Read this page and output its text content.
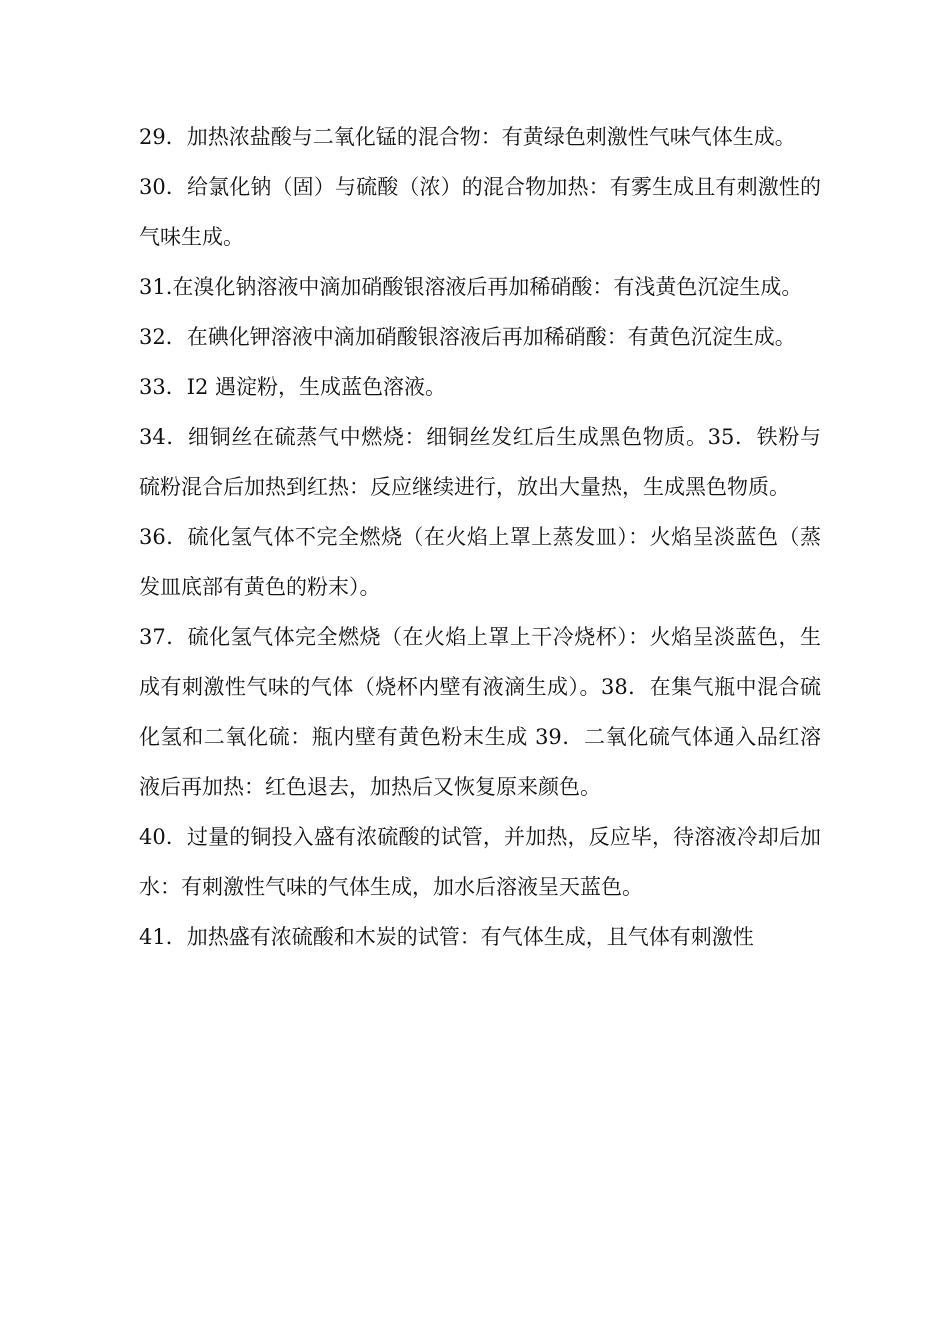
29．加热浓盐酸与二氧化锰的混合物：有黄绿色刺激性气味气体生成。

30．给氯化钠（固）与硫酸（浓）的混合物加热：有雾生成且有刺激性的气味生成。

31.在溴化钠溶液中滴加硝酸银溶液后再加稀硝酸：有浅黄色沉淀生成。

32．在碘化钾溶液中滴加硝酸银溶液后再加稀硝酸：有黄色沉淀生成。

33．I2 遇淀粉，生成蓝色溶液。

34．细铜丝在硫蒸气中燃烧：细铜丝发红后生成黑色物质。35．铁粉与硫粉混合后加热到红热：反应继续进行，放出大量热，生成黑色物质。

36．硫化氢气体不完全燃烧（在火焰上罩上蒸发皿）：火焰呈淡蓝色（蒸发皿底部有黄色的粉末）。

37．硫化氢气体完全燃烧（在火焰上罩上干冷烧杯）：火焰呈淡蓝色，生成有刺激性气味的气体（烧杯内壁有液滴生成）。38．在集气瓶中混合硫化氢和二氧化硫：瓶内壁有黄色粉末生成 39．二氧化硫气体通入品红溶液后再加热：红色退去，加热后又恢复原来颜色。

40．过量的铜投入盛有浓硫酸的试管，并加热，反应毕，待溶液冷却后加水：有刺激性气味的气体生成，加水后溶液呈天蓝色。

41．加热盛有浓硫酸和木炭的试管：有气体生成，且气体有刺激性
